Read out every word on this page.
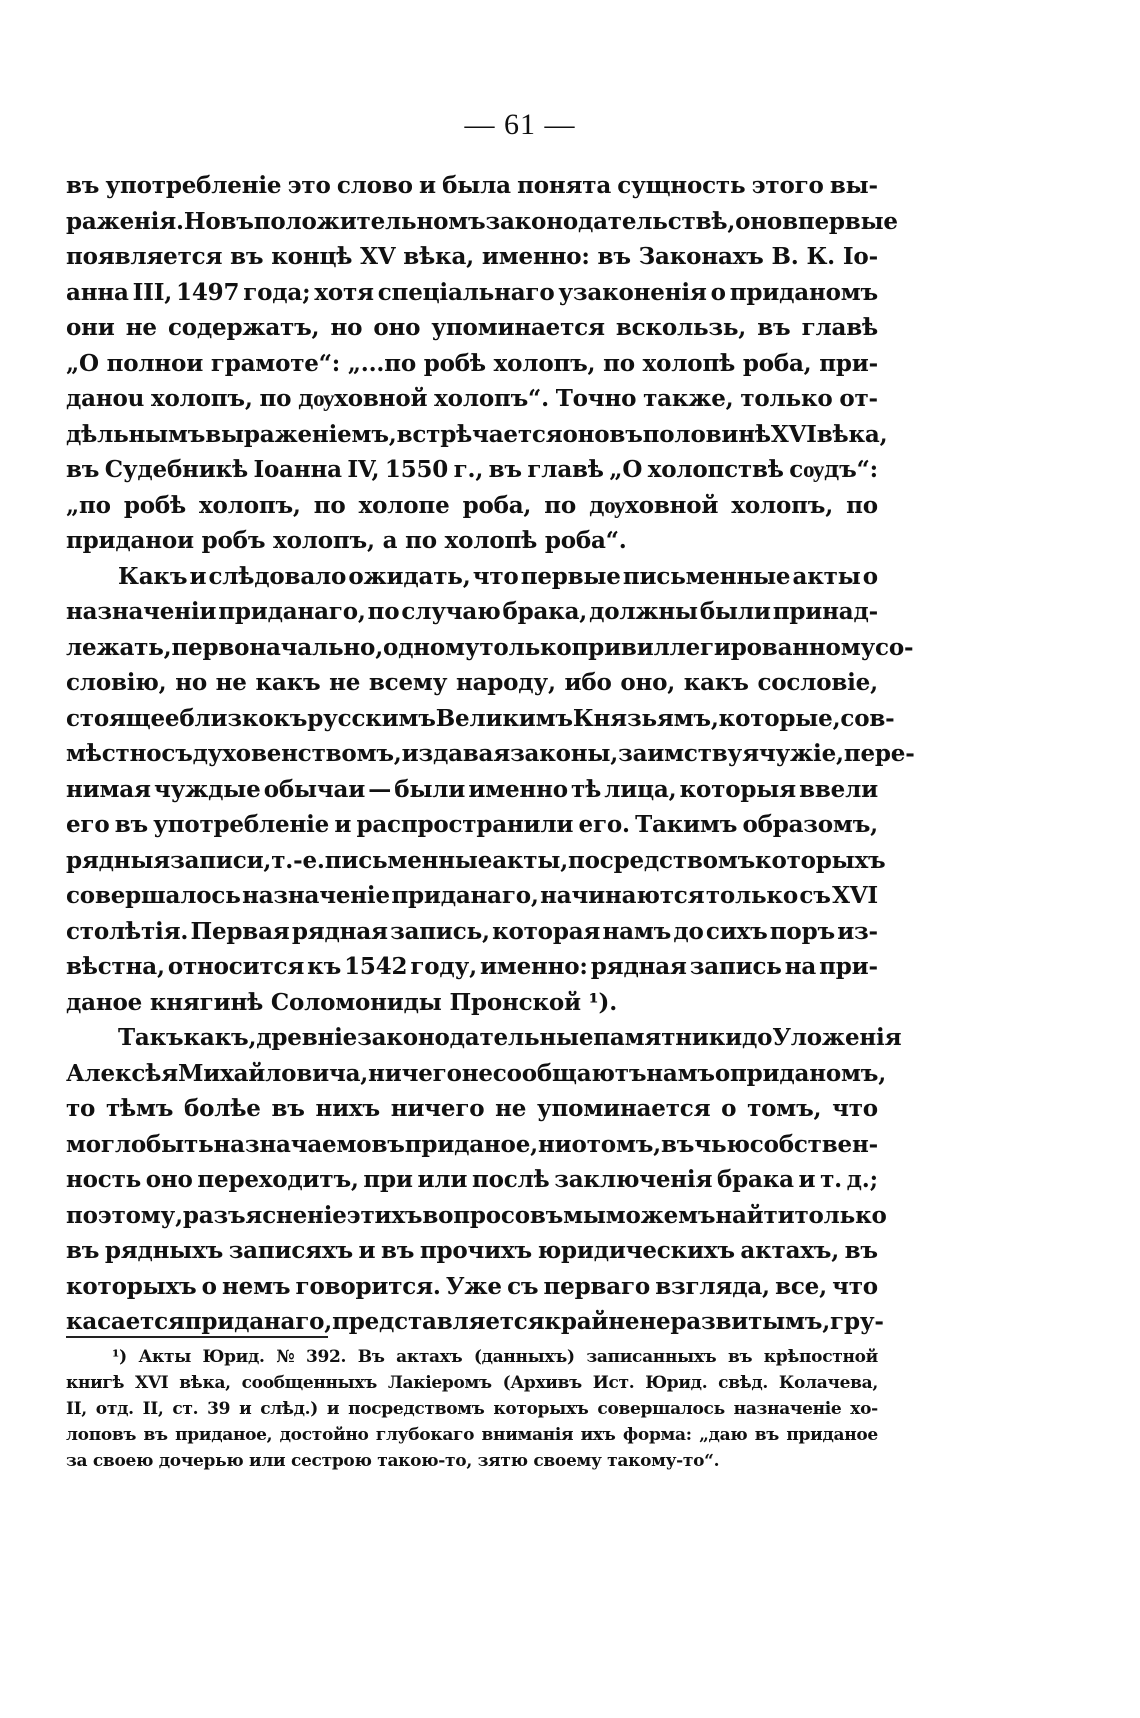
— 61 —
въ употребленіе это слово и была понята сущность этого вы-
раженія. Но въ положительномъ законодательствѣ, оно впервые
появляется въ концѣ XV вѣка, именно: въ Законахъ В. К. Іо-
анна III, 1497 года; хотя спеціальнаго узаконенія о приданомъ
они не содержатъ, но оно упоминается вскользь, въ главѣ
„О полнои грамоте“: „...по робѣ холопъ, по холопѣ роба, при-
даноu холопъ, по дѹховной холопъ“. Точно также, только от-
дѣльнымъ выраженіемъ, встрѣчается оно въ половинѣ XVI вѣка,
въ Судебникѣ Іоанна IV, 1550 г., въ главѣ „О холопствѣ сѹдъ“:
„по робѣ холопъ, по холопе роба, по дѹховной холопъ, по
приданои робъ холопъ, а по холопѣ роба“.
Какъ и слѣдовало ожидать, что первые письменные акты о
назначеніи приданаго, по случаю брака, должны были принад-
лежать, первоначально, одному только привиллегированному со-
словію, но не какъ не всему народу, ибо оно, какъ сословіе,
стоящее близко къ русскимъ Великимъ Князьямъ, которые, сов-
мѣстно съ духовенствомъ, издавая законы, заимствуя чужіе, пере-
нимая чуждые обычаи — были именно тѣ лица, которыя ввели
его въ употребленіе и распространили его. Такимъ образомъ,
рядныя записи, т.-е. письменные акты, посредствомъ которыхъ
совершалось назначеніе приданаго, начинаются только съ XVI
столѣтія. Первая рядная запись, которая намъ до сихъ поръ из-
вѣстна, относится къ 1542 году, именно: рядная запись на при-
даное княгинѣ Соломониды Пронской ¹).
Такъ какъ, древніе законодательные памятники до Уложенія
Алексѣя Михайловича, ничего не сообщаютъ намъ о приданомъ,
то тѣмъ болѣе въ нихъ ничего не упоминается о томъ, что
могло быть назначаемо въ приданое, ни о томъ, въ чью собствен-
ность оно переходитъ, при или послѣ заключенія брака и т. д.;
поэтому, разъясненіе этихъ вопросовъ мы можемъ найти только
въ рядныхъ записяхъ и въ прочихъ юридическихъ актахъ, въ
которыхъ о немъ говорится. Уже съ перваго взгляда, все, что
касается приданаго, представляется крайне неразвитымъ, гру-
¹) Акты Юрид. № 392. Въ актахъ (данныхъ) записанныхъ въ крѣпостной
книгѣ XVI вѣка, сообщенныхъ Лакіеромъ (Архивъ Ист. Юрид. свѣд. Колачева,
II, отд. II, ст. 39 и слѣд.) и посредствомъ которыхъ совершалось назначеніе хо-
лоповъ въ приданое, достойно глубокаго вниманія ихъ форма: „даю въ приданое
за своею дочерью или сестрою такою-то, зятю своему такому-то“.
